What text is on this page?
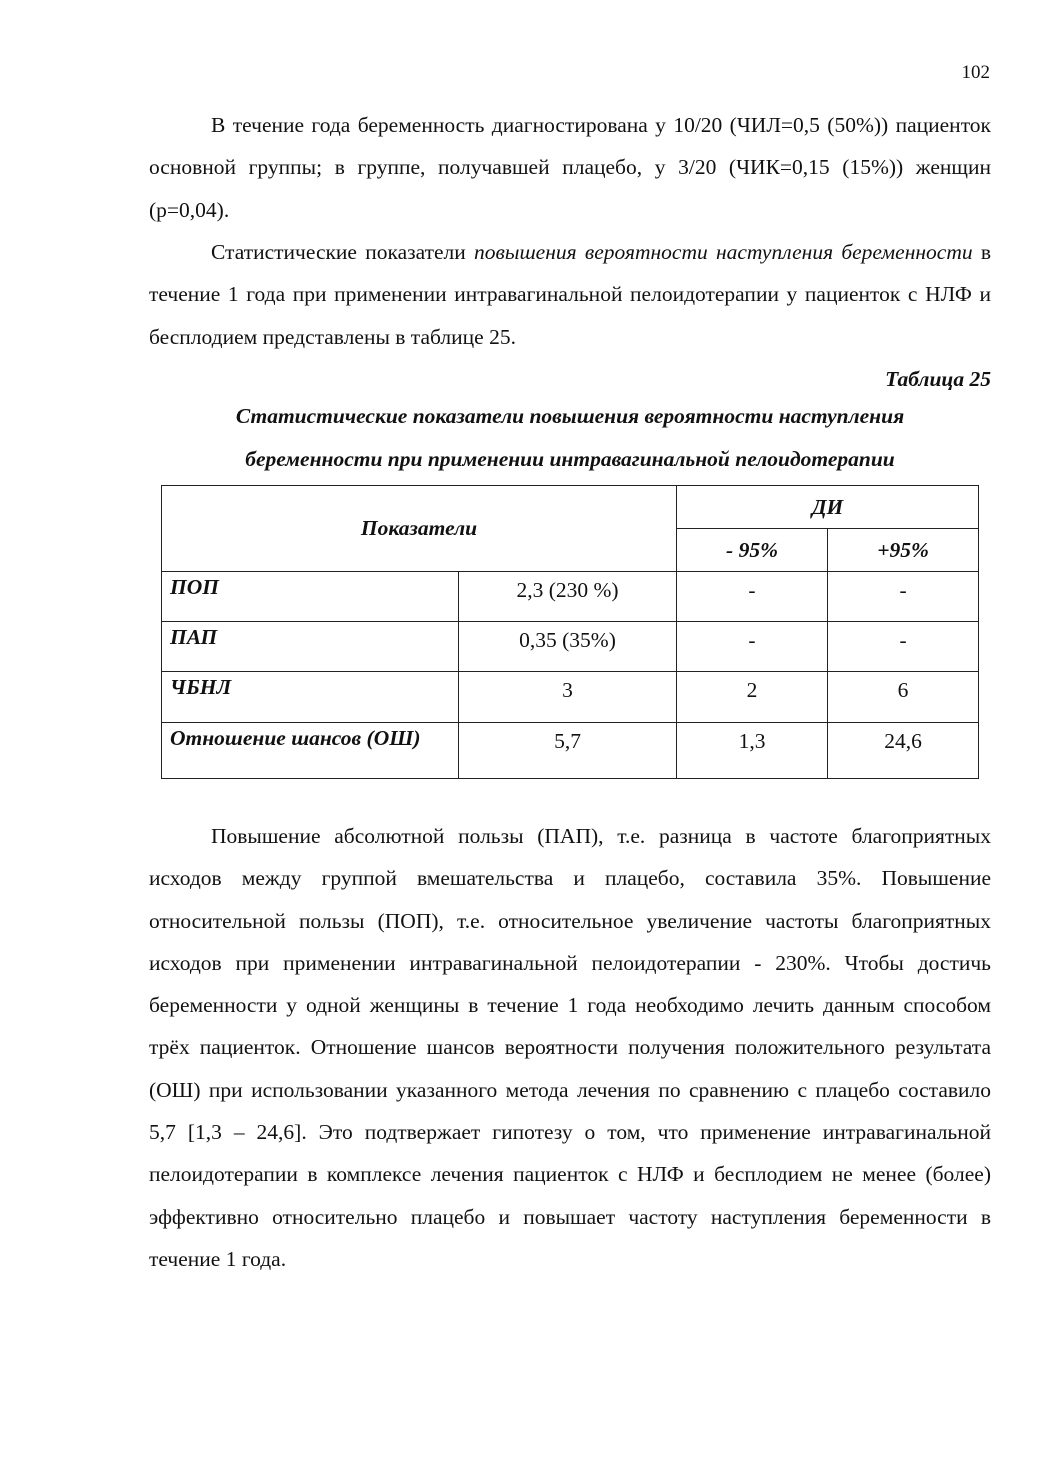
102

В течение года беременность диагностирована у 10/20 (ЧИЛ=0,5 (50%)) пациенток основной группы; в группе, получавшей плацебо, у 3/20 (ЧИК=0,15 (15%)) женщин (р=0,04).

Статистические показатели повышения вероятности наступления беременности в течение 1 года при применении интравагинальной пелоидотерапии у пациенток с НЛФ и бесплодием представлены в таблице 25.

Таблица 25
Статистические показатели повышения вероятности наступления
беременности при применении интравагинальной пелоидотерапии
Показатели		ДИ	
		- 95%	+95%
ПОП	2,3 (230 %)	-	-
ПАП	0,35 (35%)	-	-
ЧБНЛ	3	2	6
Отношение шансов (ОШ)	5,7	1,3	24,6

Повышение абсолютной пользы (ПАП), т.е. разница в частоте благоприятных исходов между группой вмешательства и плацебо, составила 35%. Повышение относительной пользы (ПОП), т.е. относительное увеличение частоты благоприятных исходов при применении интравагинальной пелоидотерапии - 230%. Чтобы достичь беременности у одной женщины в течение 1 года необходимо лечить данным способом трёх пациенток. Отношение шансов вероятности получения положительного результата (ОШ) при использовании указанного метода лечения по сравнению с плацебо составило 5,7 [1,3 – 24,6]. Это подтвержает гипотезу о том, что применение интравагинальной пелоидотерапии в комплексе лечения пациенток с НЛФ и бесплодием не менее (более) эффективно относительно плацебо и повышает частоту наступления беременности в течение 1 года.
